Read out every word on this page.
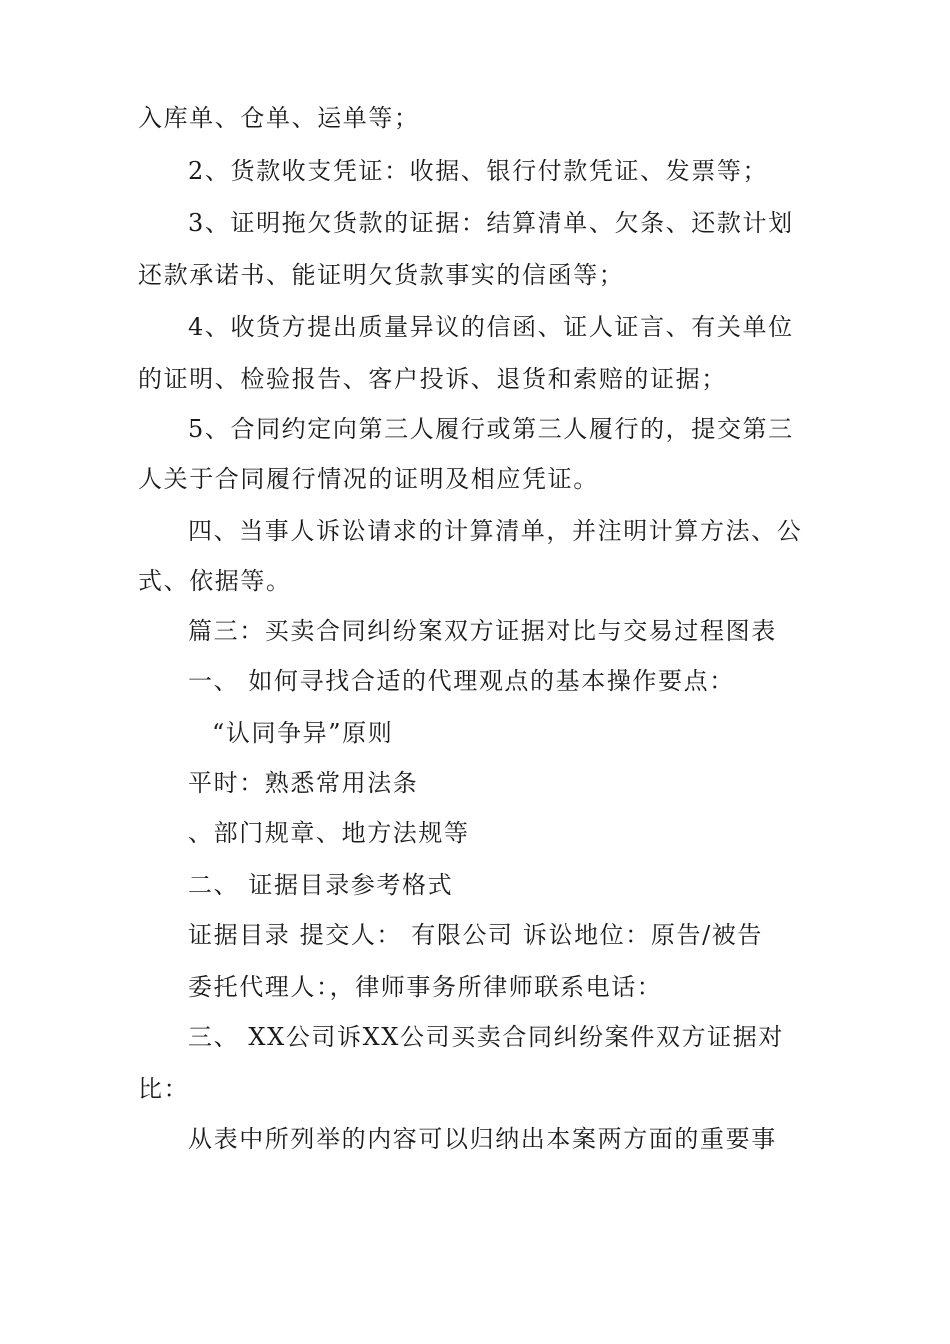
入库单、仓单、运单等；
2、货款收支凭证：收据、银行付款凭证、发票等；
3、证明拖欠货款的证据：结算清单、欠条、还款计划
还款承诺书、能证明欠货款事实的信函等；
4、收货方提出质量异议的信函、证人证言、有关单位
的证明、检验报告、客户投诉、退货和索赔的证据；
5、合同约定向第三人履行或第三人履行的，提交第三
人关于合同履行情况的证明及相应凭证。
四、当事人诉讼请求的计算清单，并注明计算方法、公
式、依据等。
篇三：买卖合同纠纷案双方证据对比与交易过程图表
一、 如何寻找合适的代理观点的基本操作要点：
“认同争异”原则
平时：熟悉常用法条
、部门规章、地方法规等
二、 证据目录参考格式
证据目录 提交人： 有限公司 诉讼地位：原告/被告
委托代理人：，律师事务所律师联系电话：
三、 XX公司诉XX公司买卖合同纠纷案件双方证据对
比：
从表中所列举的内容可以归纳出本案两方面的重要事
